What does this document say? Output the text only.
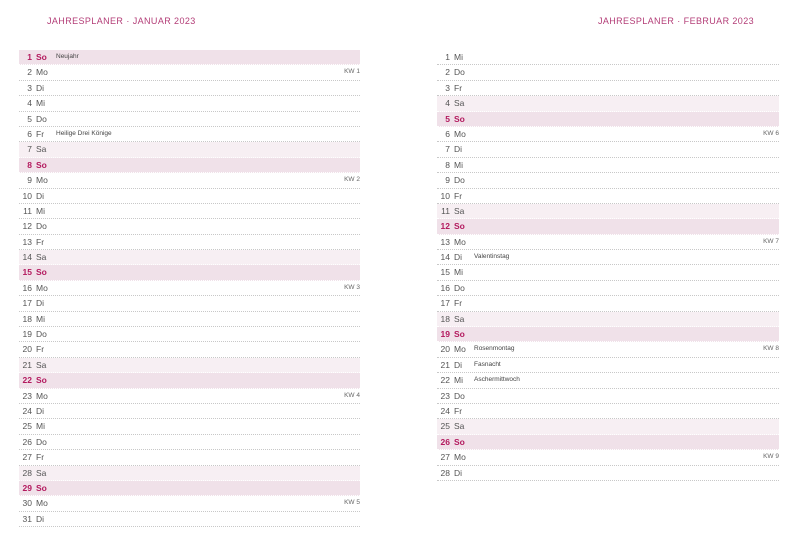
JAHRESPLANER · JANUAR 2023	JAHRESPLANER · FEBRUAR 2023
1 So Neujahr
2 Mo	KW 1
3 Di
4 Mi
5 Do
6 Fr Heilige Drei Könige
7 Sa
8 So
9 Mo	KW 2
10 Di
11 Mi
12 Do
13 Fr
14 Sa
15 So
16 Mo	KW 3
17 Di
18 Mi
19 Do
20 Fr
21 Sa
22 So
23 Mo	KW 4
24 Di
25 Mi
26 Do
27 Fr
28 Sa
29 So
30 Mo	KW 5
31 Di
1 Mi
2 Do
3 Fr
4 Sa
5 So
6 Mo	KW 6
7 Di
8 Mi
9 Do
10 Fr
11 Sa
12 So
13 Mo	KW 7
14 Di Valentinstag
15 Mi
16 Do
17 Fr
18 Sa
19 So
20 Mo Rosenmontag	KW 8
21 Di Fasnacht
22 Mi Aschermittwoch
23 Do
24 Fr
25 Sa
26 So
27 Mo	KW 9
28 Di
